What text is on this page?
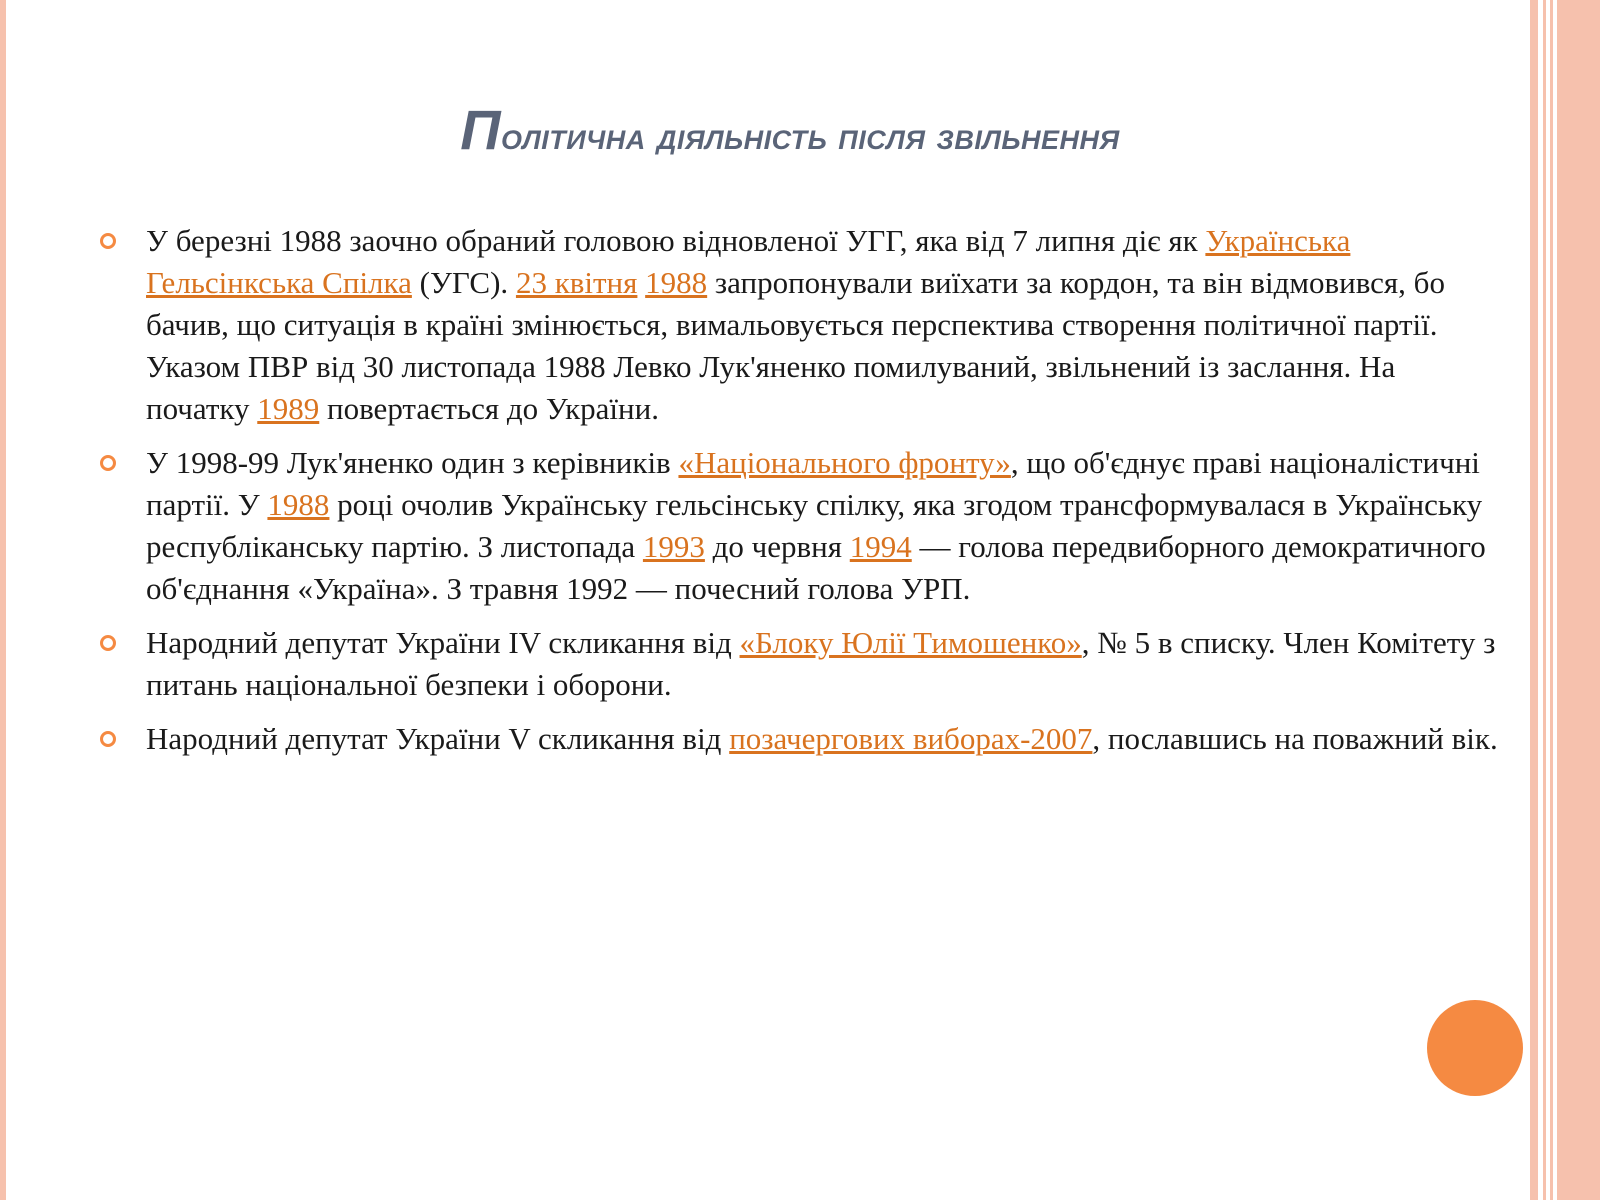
Політична діяльність після звільнення
У березні 1988 заочно обраний головою відновленої УГГ, яка від 7 липня діє як Українська Гельсінкська Спілка (УГС). 23 квітня 1988 запропонували виїхати за кордон, та він відмовився, бо бачив, що ситуація в країні змінюється, вимальовується перспектива створення політичної партії. Указом ПВР від 30 листопада 1988 Левко Лук'яненко помилуваний, звільнений із заслання. На початку 1989 повертається до України.
У 1998-99 Лук'яненко один з керівників «Національного фронту», що об'єднує праві націоналістичні партії. У 1988 році очолив Українську гельсінську спілку, яка згодом трансформувалася в Українську республіканську партію. З листопада 1993 до червня 1994 — голова передвиборного демократичного об'єднання «Україна». З травня 1992 — почесний голова УРП.
Народний депутат України IV скликання від «Блоку Юлії Тимошенко», № 5 в списку. Член Комітету з питань національної безпеки і оборони.
Народний депутат України V скликання від позачергових виборах-2007, пославшись на поважний вік.
